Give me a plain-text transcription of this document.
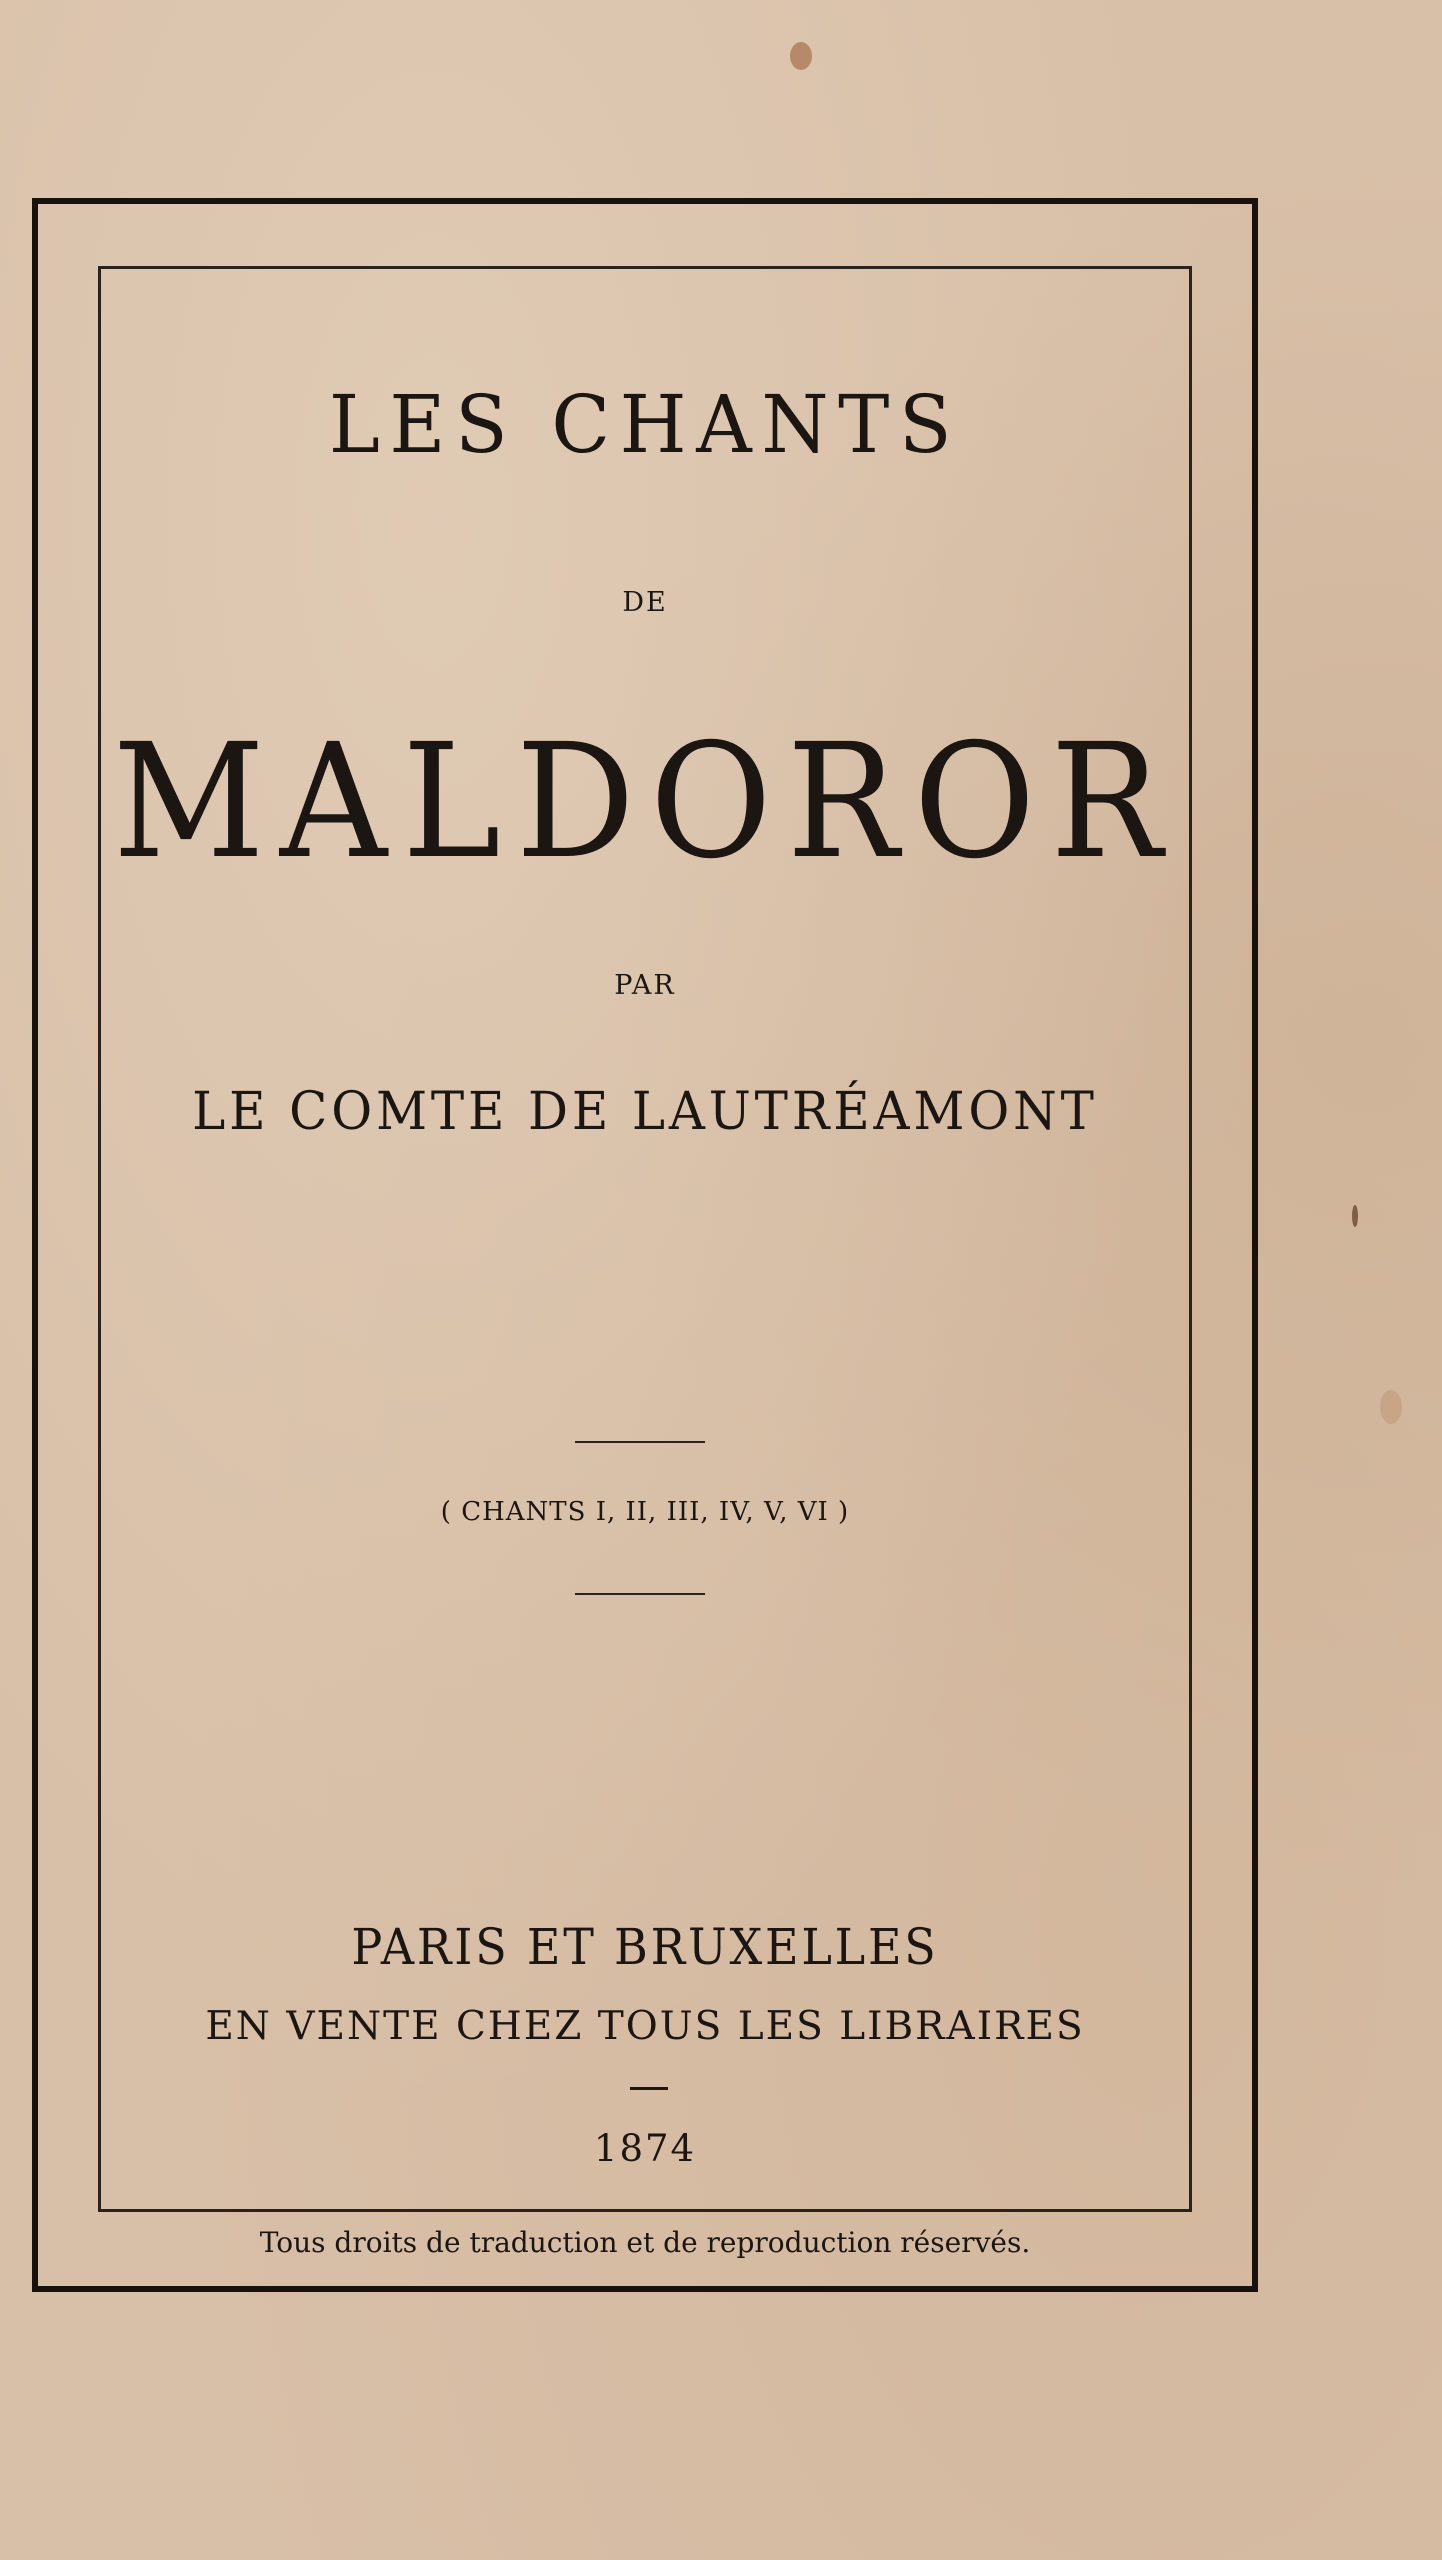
LES CHANTS
DE
MALDOROR
PAR
LE COMTE DE LAUTRÉAMONT
( CHANTS I, II, III, IV, V, VI )
PARIS ET BRUXELLES
EN VENTE CHEZ TOUS LES LIBRAIRES
1874
Tous droits de traduction et de reproduction réservés.
